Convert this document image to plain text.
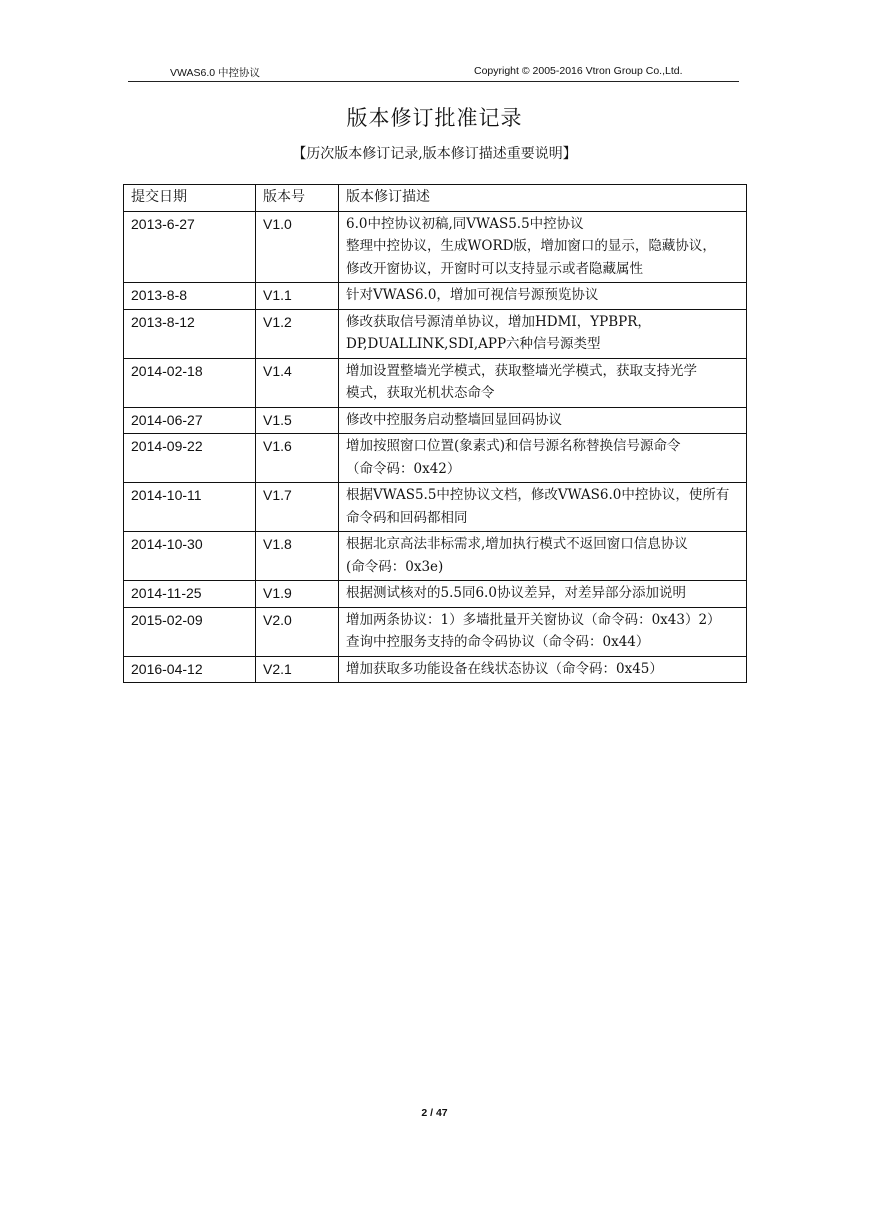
VWAS6.0 中控协议	Copyright © 2005-2016 Vtron Group Co.,Ltd.
版本修订批准记录
【历次版本修订记录,版本修订描述重要说明】
提交日期	版本号	版本修订描述
2013-6-27	V1.0	6.0中控协议初稿,同VWAS5.5中控协议
整理中控协议，生成WORD版，增加窗口的显示，隐藏协议，
修改开窗协议，开窗时可以支持显示或者隐藏属性

2013-8-8	V1.1	针对VWAS6.0，增加可视信号源预览协议

2013-8-12	V1.2	修改获取信号源清单协议，增加HDMI，YPBPR，
DP,DUALLINK,SDI,APP六种信号源类型

2014-02-18	V1.4	增加设置整墙光学模式，获取整墙光学模式，获取支持光学
模式，获取光机状态命令

2014-06-27	V1.5	修改中控服务启动整墙回显回码协议

2014-09-22	V1.6	增加按照窗口位置(象素式)和信号源名称替换信号源命令
（命令码：0x42）

2014-10-11	V1.7	根据VWAS5.5中控协议文档，修改VWAS6.0中控协议，使所有
命令码和回码都相同

2014-10-30	V1.8	根据北京高法非标需求,增加执行模式不返回窗口信息协议
(命令码：0x3e)

2014-11-25	V1.9	根据测试核对的5.5同6.0协议差异，对差异部分添加说明

2015-02-09	V2.0	增加两条协议：1）多墙批量开关窗协议（命令码：0x43）2）
查询中控服务支持的命令码协议（命令码：0x44）

2016-04-12	V2.1	增加获取多功能设备在线状态协议（命令码：0x45）
2 / 47
